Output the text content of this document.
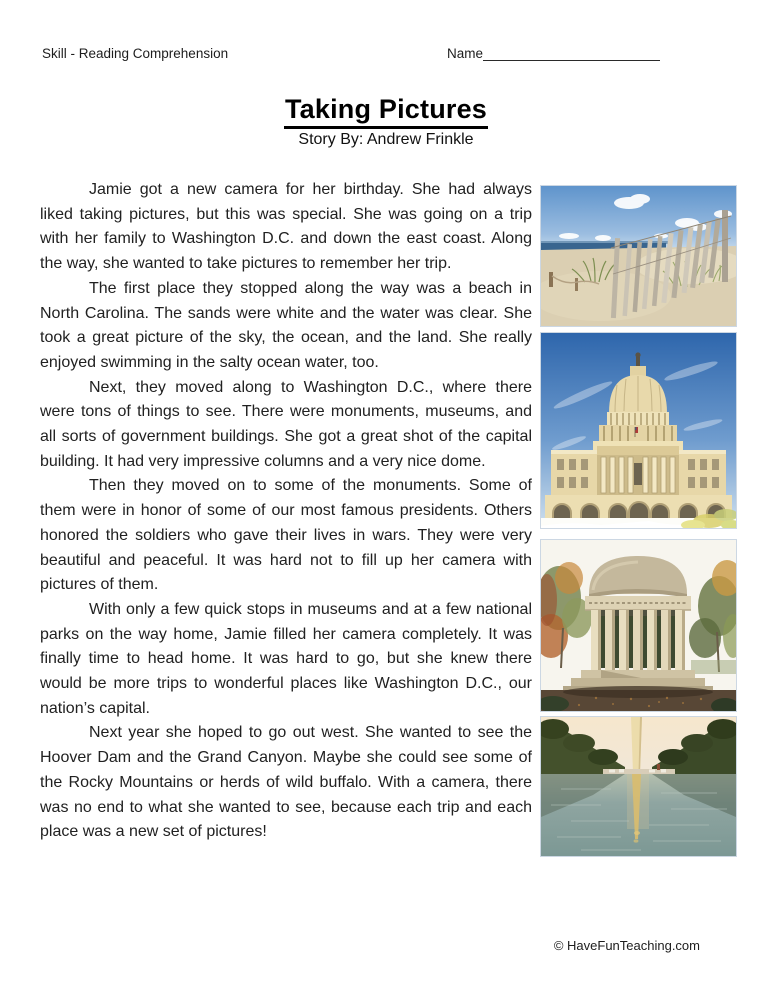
Skill - Reading Comprehension	Name
Taking Pictures
Story By: Andrew Frinkle

Jamie got a new camera for her birthday. She had always liked taking pictures, but this was special. She was going on a trip with her family to Washington D.C. and down the east coast. Along the way, she wanted to take pictures to remember her trip.

The first place they stopped along the way was a beach in North Carolina. The sands were white and the water was clear. She took a great picture of the sky, the ocean, and the land. She really enjoyed swimming in the salty ocean water, too.

Next, they moved along to Washington D.C., where there were tons of things to see. There were monuments, museums, and all sorts of government buildings. She got a great shot of the capital building. It had very impressive columns and a very nice dome.

Then they moved on to some of the monuments. Some of them were in honor of some of our most famous presidents. Others honored the soldiers who gave their lives in wars. They were very beautiful and peaceful. It was hard not to fill up her camera with pictures of them.

With only a few quick stops in museums and at a few national parks on the way home, Jamie filled her camera completely. It was finally time to head home. It was hard to go, but she knew there would be more trips to wonderful places like Washington D.C., our nation’s capital.

Next year she hoped to go out west. She wanted to see the Hoover Dam and the Grand Canyon. Maybe she could see some of the Rocky Mountains or herds of wild buffalo. With a camera, there was no end to what she wanted to see, because each trip and each place was a new set of pictures!

© HaveFunTeaching.com
